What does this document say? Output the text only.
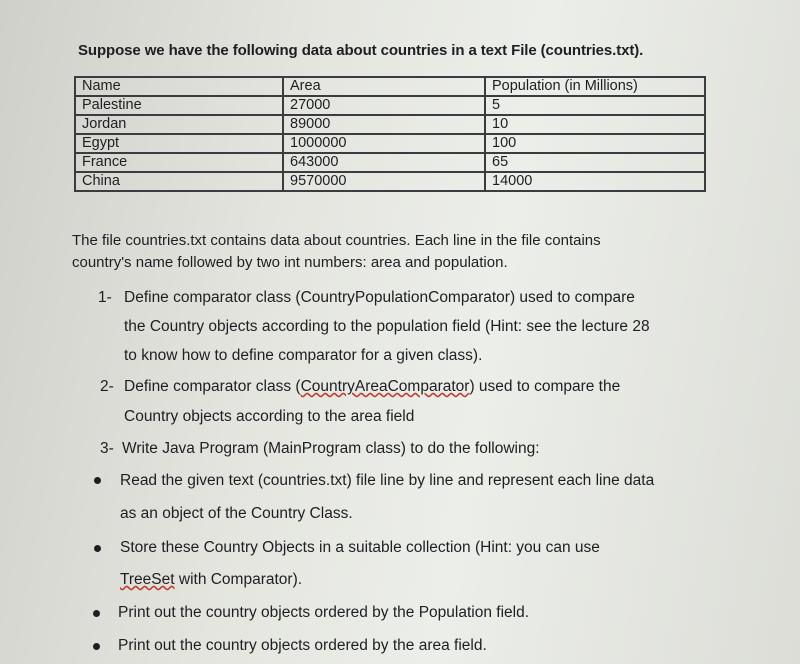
Suppose we have the following data about countries in a text File (countries.txt).
Name	Area	Population (in Millions)
Palestine	27000	5
Jordan	89000	10
Egypt	1000000	100
France	643000	65
China	9570000	14000
The file countries.txt contains data about countries. Each line in the file contains
country's name followed by two int numbers: area and population.
1- Define comparator class (CountryPopulationComparator) used to compare
the Country objects according to the population field (Hint: see the lecture 28
to know how to define comparator for a given class).
2- Define comparator class (CountryAreaComparator) used to compare the
Country objects according to the area field
3- Write Java Program (MainProgram class) to do the following:
Read the given text (countries.txt) file line by line and represent each line data
as an object of the Country Class.
Store these Country Objects in a suitable collection (Hint: you can use
TreeSet with Comparator).
Print out the country objects ordered by the Population field.
Print out the country objects ordered by the area field.
